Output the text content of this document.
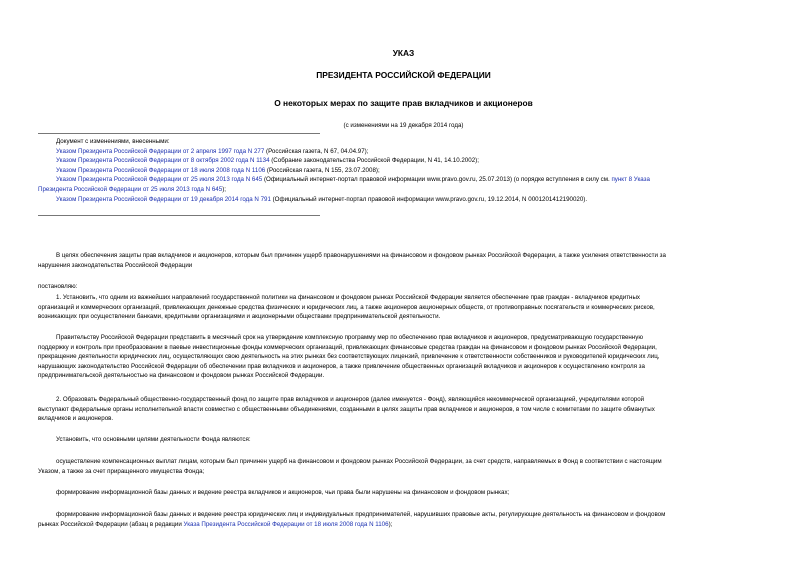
УКАЗ
ПРЕЗИДЕНТА РОССИЙСКОЙ ФЕДЕРАЦИИ
О некоторых мерах по защите прав вкладчиков и акционеров
(с изменениями на 19 декабря 2014 года)
Документ с изменениями, внесенными:
Указом Президента Российской Федерации от 2 апреля 1997 года N 277 (Российская газета, N 67, 04.04.97);
Указом Президента Российской Федерации от 8 октября 2002 года N 1134 (Собрание законодательства Российской Федерации, N 41, 14.10.2002);
Указом Президента Российской Федерации от 18 июля 2008 года N 1106 (Российская газета, N 155, 23.07.2008);
Указом Президента Российской Федерации от 25 июля 2013 года N 645 (Официальный интернет-портал правовой информации www.pravo.gov.ru, 25.07.2013) (о порядке вступления в силу см. пункт 8 Указа
Президента Российской Федерации от 25 июля 2013 года N 645);
Указом Президента Российской Федерации от 19 декабря 2014 года N 791 (Официальный интернет-портал правовой информации www.pravo.gov.ru, 19.12.2014, N 0001201412190020).
В целях обеспечения защиты прав вкладчиков и акционеров, которым был причинен ущерб правонарушениями на финансовом и фондовом рынках Российской Федерации, а также усиления ответственности за
нарушения законодательства Российской Федерации
постановляю:
1. Установить, что одним из важнейших направлений государственной политики на финансовом и фондовом рынках Российской Федерации является обеспечение прав граждан - вкладчиков кредитных
организаций и коммерческих организаций, привлекающих денежные средства физических и юридических лиц, а также акционеров акционерных обществ, от противоправных посягательств и коммерческих рисков,
возникающих при осуществлении банками, кредитными организациями и акционерными обществами предпринимательской деятельности.
Правительству Российской Федерации представить в месячный срок на утверждение комплексную программу мер по обеспечению прав вкладчиков и акционеров, предусматривающую государственную
поддержку и контроль при преобразовании в паевые инвестиционные фонды коммерческих организаций, привлекающих финансовые средства граждан на финансовом и фондовом рынках Российской Федерации,
прекращение деятельности юридических лиц, осуществляющих свою деятельность на этих рынках без соответствующих лицензий, привлечение к ответственности собственников и руководителей юридических лиц,
нарушающих законодательство Российской Федерации об обеспечении прав вкладчиков и акционеров, а также привлечение общественных организаций вкладчиков и акционеров к осуществлению контроля за
предпринимательской деятельностью на финансовом и фондовом рынках Российской Федерации.
2. Образовать Федеральный общественно-государственный фонд по защите прав вкладчиков и акционеров (далее именуется - Фонд), являющийся некоммерческой организацией, учредителями которой
выступают федеральные органы исполнительной власти совместно с общественными объединениями, созданными в целях защиты прав вкладчиков и акционеров, в том числе с комитетами по защите обманутых
вкладчиков и акционеров.
Установить, что основными целями деятельности Фонда являются:
осуществление компенсационных выплат лицам, которым был причинен ущерб на финансовом и фондовом рынках Российской Федерации, за счет средств, направляемых в Фонд в соответствии с настоящим
Указом, а также за счет приращенного имущества Фонда;
формирование информационной базы данных и ведение реестра вкладчиков и акционеров, чьи права были нарушены на финансовом и фондовом рынках;
формирование информационной базы данных и ведение реестра юридических лиц и индивидуальных предпринимателей, нарушивших правовые акты, регулирующие деятельность на финансовом и фондовом
рынках Российской Федерации (абзац в редакции Указа Президента Российской Федерации от 18 июля 2008 года N 1106);
